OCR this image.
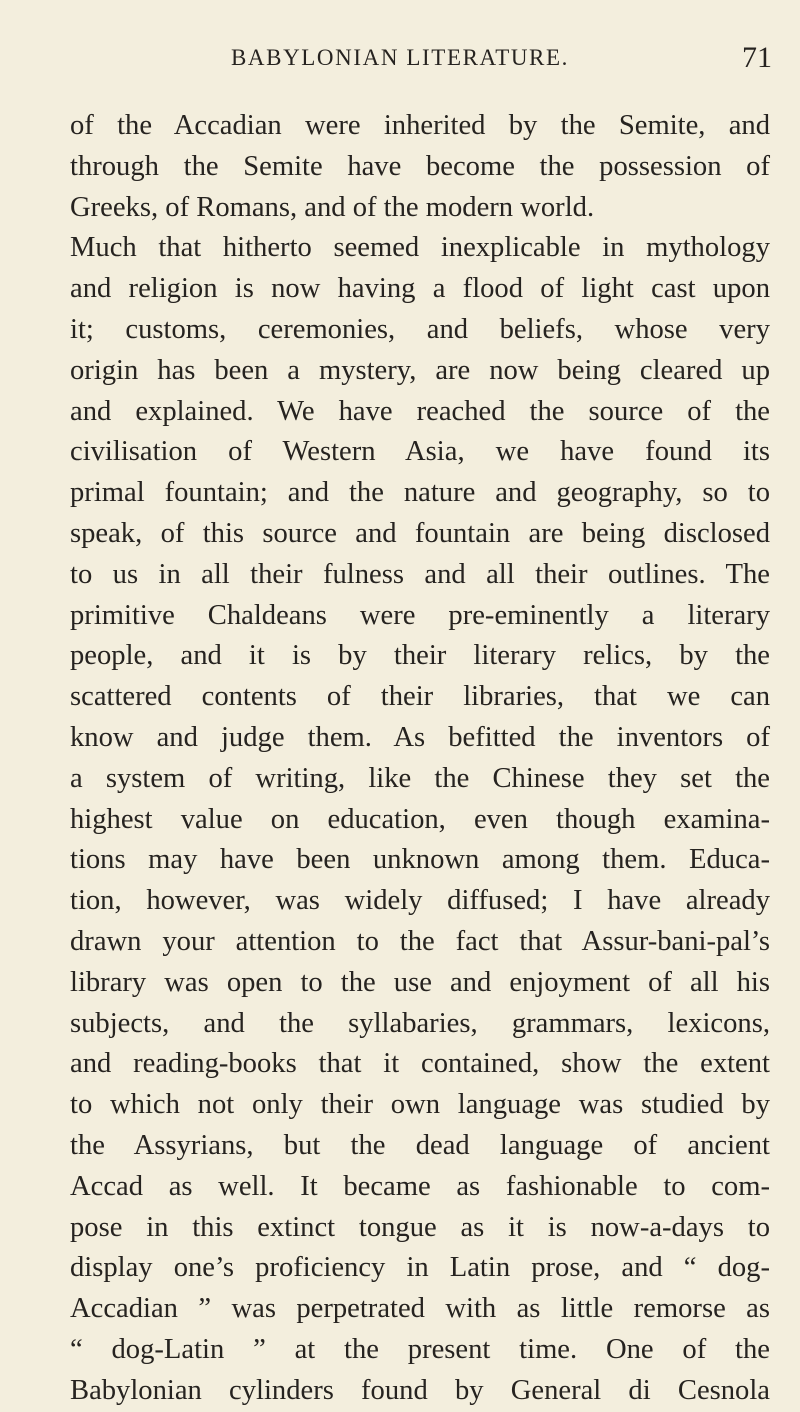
BABYLONIAN LITERATURE.	71
of the Accadian were inherited by the Semite, and
through the Semite have become the possession of
Greeks, of Romans, and of the modern world.
Much that hitherto seemed inexplicable in mythology
and religion is now having a flood of light cast upon
it; customs, ceremonies, and beliefs, whose very
origin has been a mystery, are now being cleared up
and explained. We have reached the source of the
civilisation of Western Asia, we have found its
primal fountain; and the nature and geography, so to
speak, of this source and fountain are being disclosed
to us in all their fulness and all their outlines. The
primitive Chaldeans were pre-eminently a literary
people, and it is by their literary relics, by the
scattered contents of their libraries, that we can
know and judge them. As befitted the inventors of
a system of writing, like the Chinese they set the
highest value on education, even though examina-
tions may have been unknown among them. Educa-
tion, however, was widely diffused; I have already
drawn your attention to the fact that Assur-bani-pal’s
library was open to the use and enjoyment of all his
subjects, and the syllabaries, grammars, lexicons,
and reading-books that it contained, show the extent
to which not only their own language was studied by
the Assyrians, but the dead language of ancient
Accad as well. It became as fashionable to com-
pose in this extinct tongue as it is now-a-days to
display one’s proficiency in Latin prose, and “ dog-
Accadian ” was perpetrated with as little remorse as
“ dog-Latin ” at the present time. One of the
Babylonian cylinders found by General di Cesnola
